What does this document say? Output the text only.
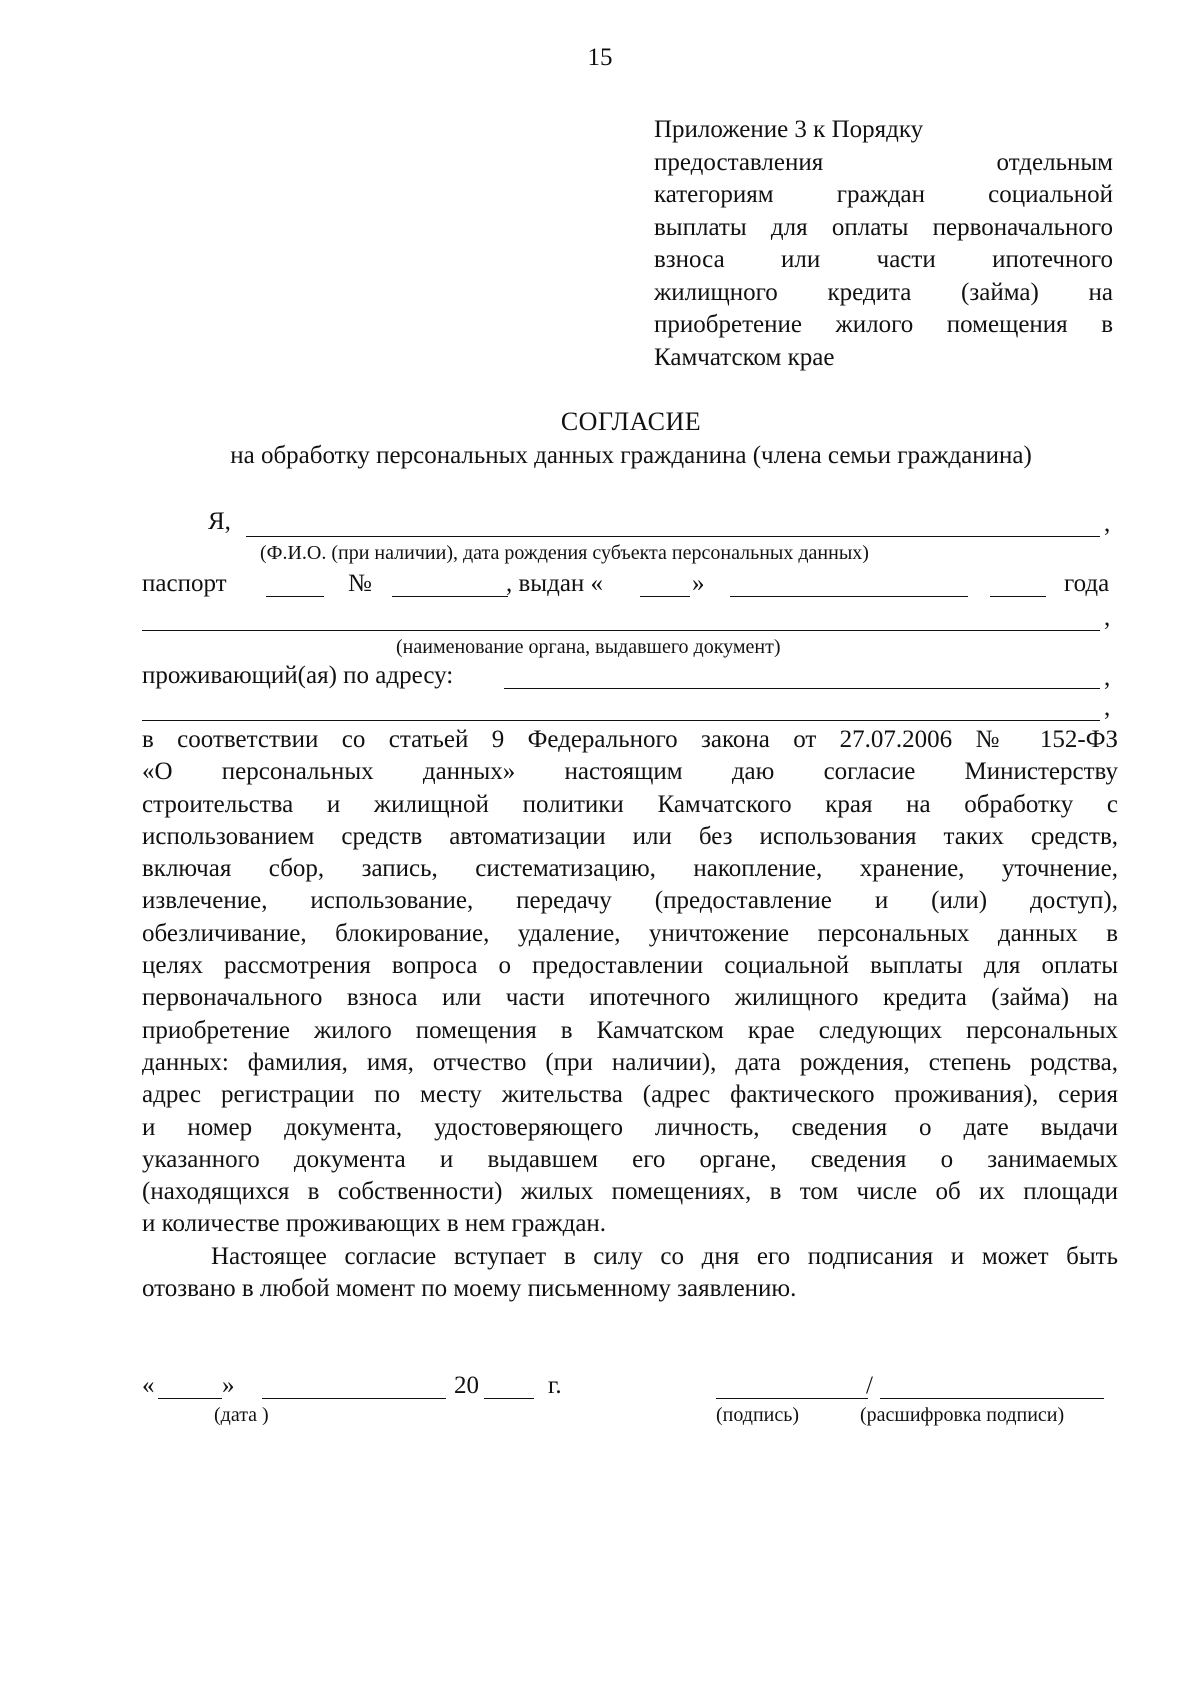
15
Приложение 3 к Порядку
предоставления отдельным
категориям граждан социальной
выплаты для оплаты первоначального
взноса или части ипотечного
жилищного кредита (займа) на
приобретение жилого помещения в
Камчатском крае
СОГЛАСИЕ
на обработку персональных данных гражданина (члена семьи гражданина)
Я,	,
(Ф.И.О. (при наличии), дата рождения субъекта персональных данных)
паспорт	№	, выдан «	»	года
,
(наименование органа, выдавшего документ)
проживающий(ая) по адресу:	,
,
в соответствии со статьей 9 Федерального закона от 27.07.2006 № 152-ФЗ
«О персональных данных» настоящим даю согласие Министерству
строительства и жилищной политики Камчатского края на обработку с
использованием средств автоматизации или без использования таких средств,
включая сбор, запись, систематизацию, накопление, хранение, уточнение,
извлечение, использование, передачу (предоставление и (или) доступ),
обезличивание, блокирование, удаление, уничтожение персональных данных в
целях рассмотрения вопроса о предоставлении социальной выплаты для оплаты
первоначального взноса или части ипотечного жилищного кредита (займа) на
приобретение жилого помещения в Камчатском крае следующих персональных
данных: фамилия, имя, отчество (при наличии), дата рождения, степень родства,
адрес регистрации по месту жительства (адрес фактического проживания), серия
и номер документа, удостоверяющего личность, сведения о дате выдачи
указанного документа и выдавшем его органе, сведения о занимаемых
(находящихся в собственности) жилых помещениях, в том числе об их площади
и количестве проживающих в нем граждан.
Настоящее согласие вступает в силу со дня его подписания и может быть
отозвано в любой момент по моему письменному заявлению.
«	»	20	г.
(дата )
/
(подпись)	(расшифровка подписи)
